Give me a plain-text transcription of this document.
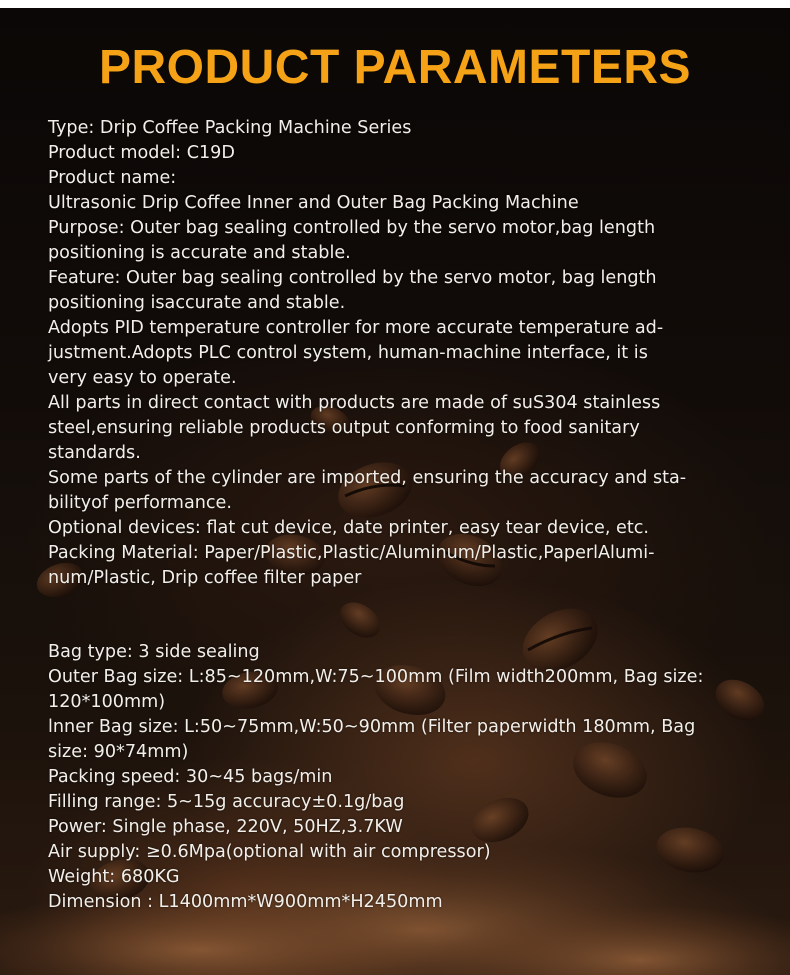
PRODUCT PARAMETERS
Type: Drip Coffee Packing Machine Series
Product model: C19D
Product name:
Ultrasonic Drip Coffee Inner and Outer Bag Packing Machine
Purpose: Outer bag sealing controlled by the servo motor,bag length
positioning is accurate and stable.
Feature: Outer bag sealing controlled by the servo motor, bag length
positioning isaccurate and stable.
Adopts PID temperature controller for more accurate temperature ad-
justment.Adopts PLC control system, human-machine interface, it is
very easy to operate.
All parts in direct contact with products are made of suS304 stainless
steel,ensuring reliable products output conforming to food sanitary
standards.
Some parts of the cylinder are imported, ensuring the accuracy and sta-
bilityof performance.
Optional devices: flat cut device, date printer, easy tear device, etc.
Packing Material: Paper/Plastic,Plastic/Aluminum/Plastic,PaperlAlumi-
num/Plastic, Drip coffee filter paper
Bag type: 3 side sealing
Outer Bag size: L:85~120mm,W:75~100mm (Film width200mm, Bag size:
120*100mm)
lnner Bag size: L:50~75mm,W:50~90mm (Filter paperwidth 180mm, Bag
size: 90*74mm)
Packing speed: 30~45 bags/min
Filling range: 5~15g accuracy±0.1g/bag
Power: Single phase, 220V, 50HZ,3.7KW
Air supply: ≥0.6Mpa(optional with air compressor)
Weight: 680KG
Dimension : L1400mm*W900mm*H2450mm
